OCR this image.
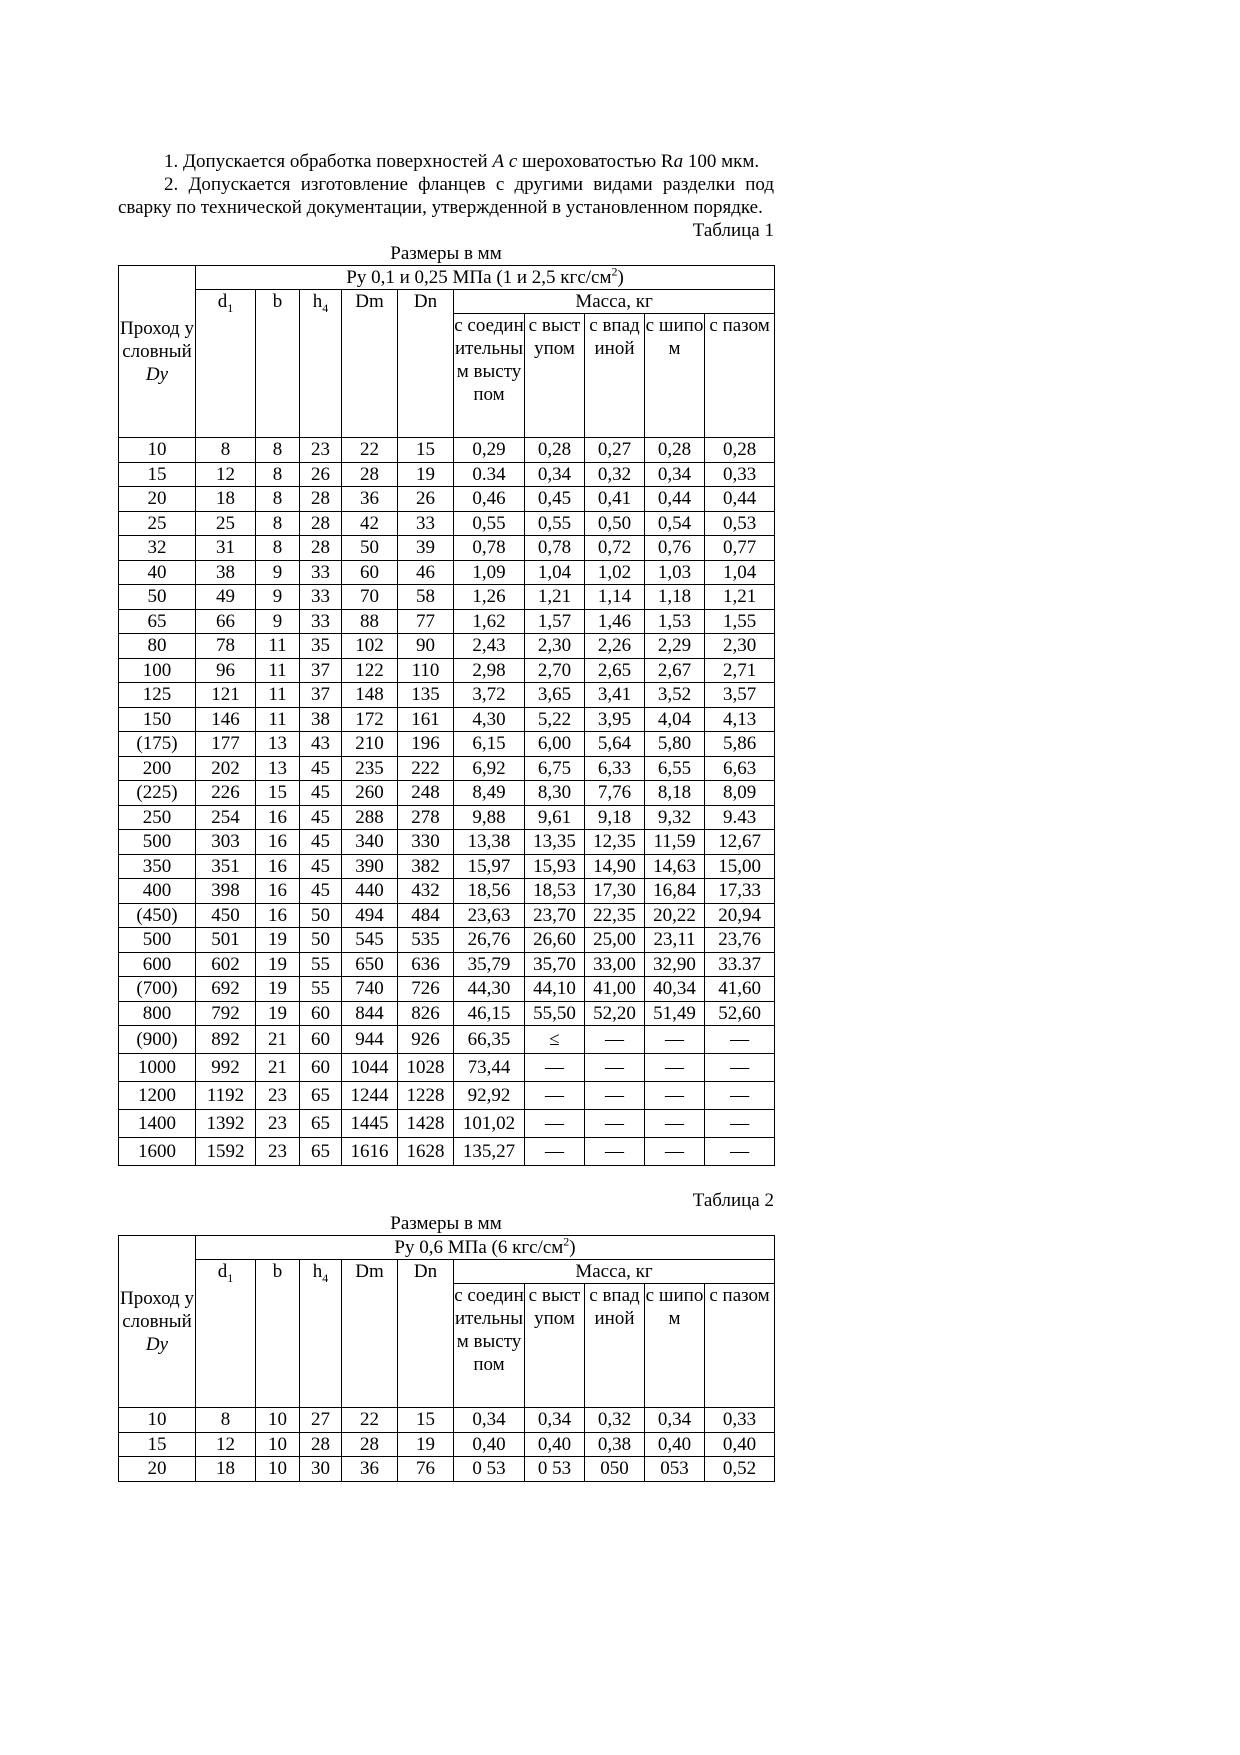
1. Допускается обработка поверхностей А с шероховатостью Ra 100 мкм.

2. Допускается изготовление фланцев с другими видами разделки под сварку по технической документации, утвержденной в установленном порядке.

Таблица 1
Размеры в мм
Проход условный Dy	Ру 0,1 и 0,25 МПа (1 и 2,5 кгс/$см^2$)									
	$d_1$	b	$h_4$	Dm	Dn	Масса, кг				
						с соединительным выступом	с выступом	с впадиной	с шипом	с пазом
10	8	8	23	22	15	0,29	0,28	0,27	0,28	0,28
15	12	8	26	28	19	0.34	0,34	0,32	0,34	0,33
20	18	8	28	36	26	0,46	0,45	0,41	0,44	0,44
25	25	8	28	42	33	0,55	0,55	0,50	0,54	0,53
32	31	8	28	50	39	0,78	0,78	0,72	0,76	0,77
40	38	9	33	60	46	1,09	1,04	1,02	1,03	1,04
50	49	9	33	70	58	1,26	1,21	1,14	1,18	1,21
65	66	9	33	88	77	1,62	1,57	1,46	1,53	1,55
80	78	11	35	102	90	2,43	2,30	2,26	2,29	2,30
100	96	11	37	122	110	2,98	2,70	2,65	2,67	2,71
125	121	11	37	148	135	3,72	3,65	3,41	3,52	3,57
150	146	11	38	172	161	4,30	5,22	3,95	4,04	4,13
(175)	177	13	43	210	196	6,15	6,00	5,64	5,80	5,86
200	202	13	45	235	222	6,92	6,75	6,33	6,55	6,63
(225)	226	15	45	260	248	8,49	8,30	7,76	8,18	8,09
250	254	16	45	288	278	9,88	9,61	9,18	9,32	9.43
500	303	16	45	340	330	13,38	13,35	12,35	11,59	12,67
350	351	16	45	390	382	15,97	15,93	14,90	14,63	15,00
400	398	16	45	440	432	18,56	18,53	17,30	16,84	17,33
(450)	450	16	50	494	484	23,63	23,70	22,35	20,22	20,94
500	501	19	50	545	535	26,76	26,60	25,00	23,11	23,76
600	602	19	55	650	636	35,79	35,70	33,00	32,90	33.37
(700)	692	19	55	740	726	44,30	44,10	41,00	40,34	41,60
800	792	19	60	844	826	46,15	55,50	52,20	51,49	52,60
(900)	892	21	60	944	926	66,35	≤	—	—	—
1000	992	21	60	1044	1028	73,44	—	—	—	—
1200	1192	23	65	1244	1228	92,92	—	—	—	—
1400	1392	23	65	1445	1428	101,02	—	—	—	—
1600	1592	23	65	1616	1628	135,27	—	—	—	—
Таблица 2
Размеры в мм
Проход условный Dy	Ру 0,6 МПа (6 кгс/$см^2$)									
	$d_1$	b	$h_4$	Dm	Dn	Масса, кг				
						с соединительным выступом	с выступом	с впадиной	с шипом	с пазом
10	8	10	27	22	15	0,34	0,34	0,32	0,34	0,33
15	12	10	28	28	19	0,40	0,40	0,38	0,40	0,40
20	18	10	30	36	76	0 53	0 53	050	053	0,52
